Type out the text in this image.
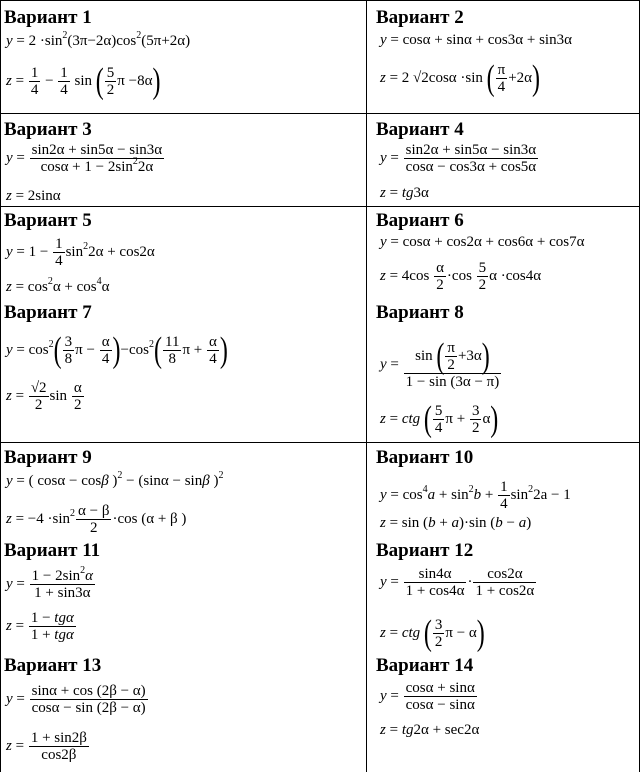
Вариант 1
$y = 2 \cdot\sin^2(3\pi-2\alpha)\cos^2(5\pi+2\alpha)$
$z = \frac{1}{4} - \frac{1}{4}$ sin ( $\frac{5}{2}$ π −8α)
Вариант 2
y = cosα + sinα + cos3α + sin3α
z = 2 √2cosα ·sin ( $\frac{\pi}{4} +2\alpha$)
Вариант 3
$y = \frac{\sin 2\alpha + \sin 5\alpha - \sin 3\alpha}{\cos\alpha + 1 - 2\sin^22\alpha}$
z = 2sinα
Вариант 4
$y = \frac{\sin 2\alpha + \sin 5\alpha - \sin 3\alpha}{\cos\alpha - \cos 3\alpha + \cos 5\alpha}$
z = tg3α
Вариант 5
$y = 1 - \frac{1}{4} \sin^22\alpha + \cos 2\alpha$
$z = \cos^2\alpha + \cos^4\alpha$
Вариант 6
y = cosα + cos2α + cos6α + cos7α
$z = 4\cos \frac{\alpha}{2} \cdot\cos \frac{5}{2}$ α ·cos4α
Вариант 7
$y = \cos^2( \frac{3}{8}$ $\pi - \frac{\alpha}{4} )-\cos^2( \frac{11}{8}$ $\pi + \frac{\alpha}{4}$ )
$z = \frac{√2}{2}$ $\sin \frac{\alpha}{2}$
Вариант 8
$y = \frac{\sin ( \frac{\pi}{2} +3\alpha)}{1 - \sin (3\alpha - \pi)}$
z = ctg ( $\frac{5}{4}$ $\pi + \frac{3}{2} \alpha$)
Вариант 9
y = ( cosα − cosβ )$^2$ − (sinα − sinβ )$^2$
$z = -4 \cdot\sin^2 \frac{\alpha - \beta}{2} \cdot\cos$ (α + β )
Вариант 10
$y = \cos^4a + \sin^2b + \frac{1}{4} \sin^22a - 1$
z = sin (b + a)·sin (b − a)
Вариант 11
$y = \frac{1 - 2\sin^2\alpha}{1 + \sin 3\alpha}$
z = 1 − tgα
1 + tgα
Вариант 12
$y = \frac{\sin 4\alpha}{1 + \cos 4\alpha} \cdot \frac{\cos 2\alpha}{1 + \cos 2\alpha}$
z = ctg ( $\frac{3}{2}$ π − α)
Вариант 13
$y = \frac{\sin\alpha + \cos (2\beta - \alpha)}{\cos\alpha - \sin (2\beta - \alpha)}$
$z = \frac{1 + \sin 2\beta}{\cos 2\beta}$
Вариант 14
$y = \frac{\cos\alpha + \sin\alpha}{\cos\alpha - \sin\alpha}$
z = tg2α + sec2α
